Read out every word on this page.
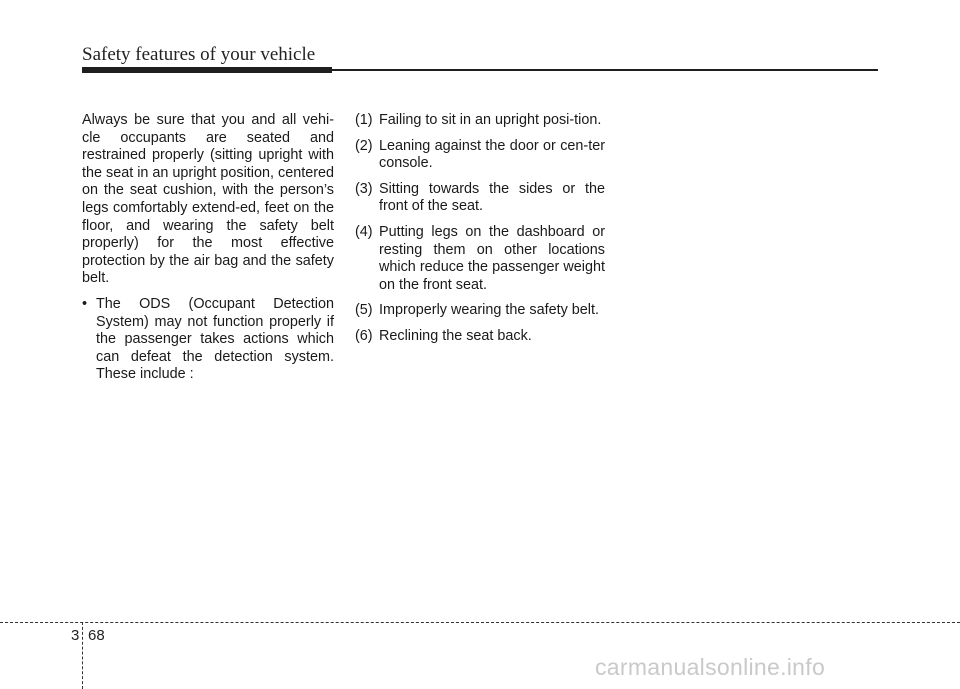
Safety features of your vehicle

Always be sure that you and all vehi-cle occupants are seated and restrained properly (sitting upright with the seat in an upright position, centered on the seat cushion, with the person’s legs comfortably extend-ed, feet on the floor, and wearing the safety belt properly) for the most effective protection by the air bag and the safety belt.

• The ODS (Occupant Detection System) may not function properly if the passenger takes actions which can defeat the detection system. These include :
(1) Failing to sit in an upright posi-tion.
(2) Leaning against the door or cen-ter console.
(3) Sitting towards the sides or the front of the seat.
(4) Putting legs on the dashboard or resting them on other locations which reduce the passenger weight on the front seat.
(5) Improperly wearing the safety belt.
(6) Reclining the seat back.
3 68
carmanualsonline.info
